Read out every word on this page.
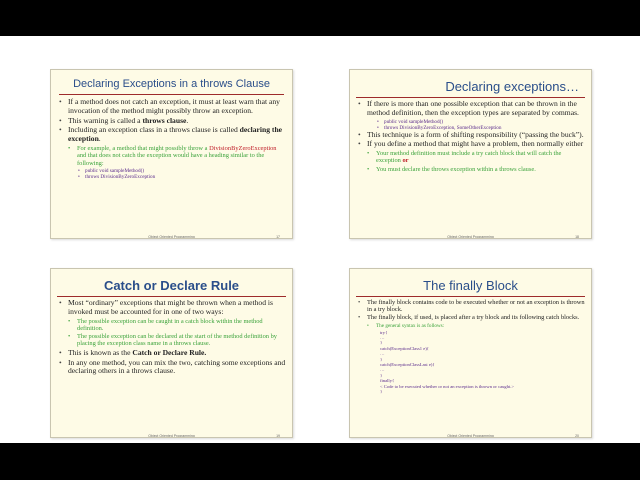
Declaring Exceptions in a throws Clause
• If a method does not catch an exception, it must at least warn that any invocation of the method might possibly throw an exception.
• This warning is called a throws clause.
• Including an exception class in a throws clause is called declaring the exception.
• For example, a method that might possibly throw a DivisionByZeroException and that does not catch the exception would have a heading similar to the following:
• public void sampleMethod()
• throws DivisionByZeroException
Object Oriented Programming	17
Declaring exceptions…
• If there is more than one possible exception that can be thrown in the method definition, then the exception types are separated by commas.
• public void sampleMethod()
• throws DivisionByZeroException, SomeOtherException
• This technique is a form of shifting responsibility (“passing the buck”).
• If you define a method that might have a problem, then normally either
• Your method definition must include a try catch block that will catch the exception or
• You must declare the throws exception within a throws clause.
Object Oriented Programming	18
Catch or Declare Rule
• Most “ordinary” exceptions that might be thrown when a method is invoked must be accounted for in one of two ways:
• The possible exception can be caught in a catch block within the method definition.
• The possible exception can be declared at the start of the method definition by placing the exception class name in a throws clause.
• This is known as the Catch or Declare Rule.
• In any one method, you can mix the two, catching some exceptions and declaring others in a throws clause.
Object Oriented Programming	19
The finally Block
• The finally block contains code to be executed whether or not an exception is thrown in a try block.
• The finally block, if used, is placed after a try block and its following catch blocks.
• The general syntax is as follows:
try{
…
}
catch(ExceptionClass1 e){
…
}
catch(ExceptionClassLast e){
…
}
finally{
< Code to be executed whether or not an exception is thrown or caught.>
}
Object Oriented Programming	20
